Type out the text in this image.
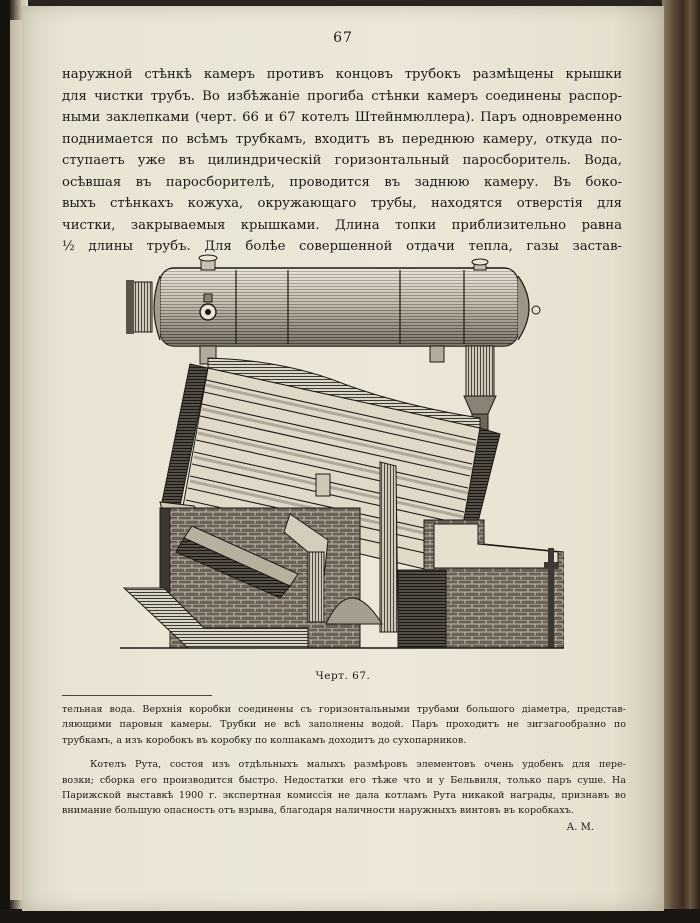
67
наружной стѣнкѣ камеръ противъ концовъ трубокъ размѣщены крышки
для чистки трубъ. Во избѣжаніе прогиба стѣнки камеръ соединены распор-
ными заклепками (черт. 66 и 67 котелъ Штейнмюллера). Паръ одновременно
поднимается по всѣмъ трубкамъ, входитъ въ переднюю камеру, откуда по-
ступаетъ уже въ цилиндрическій горизонтальный паросборитель. Вода,
осѣвшая въ паросборителѣ, проводится въ заднюю камеру. Въ боко-
выхъ стѣнкахъ кожуха, окружающаго трубы, находятся отверстія для
чистки, закрываемыя крышками. Длина топки приблизительно равна
½ длины трубъ. Для болѣе совершенной отдачи тепла, газы застав-
Черт. 67.
тельная вода. Верхнія коробки соединены съ горизонтальными трубами большого діаметра, представ-
ляющими паровыя камеры. Трубки не всѣ заполнены водой. Паръ проходитъ не зигзагообразно по
трубкамъ, а изъ коробокъ въ коробку по колпакамъ доходитъ до сухопарников.
Котелъ Рута, состоя изъ отдѣльныхъ малыхъ размѣровъ элементовъ очень удобенъ для пере-
возки; сборка его производится быстро. Недостатки его тѣже что и у Бельвиля, только паръ суше. На
Парижской выставкѣ 1900 г. экспертная комиссія не дала котламъ Рута никакой награды, признавъ во
внимание большую опасность отъ взрыва, благодаря наличности наружныхъ винтовъ въ коробкахъ.
А. М.
